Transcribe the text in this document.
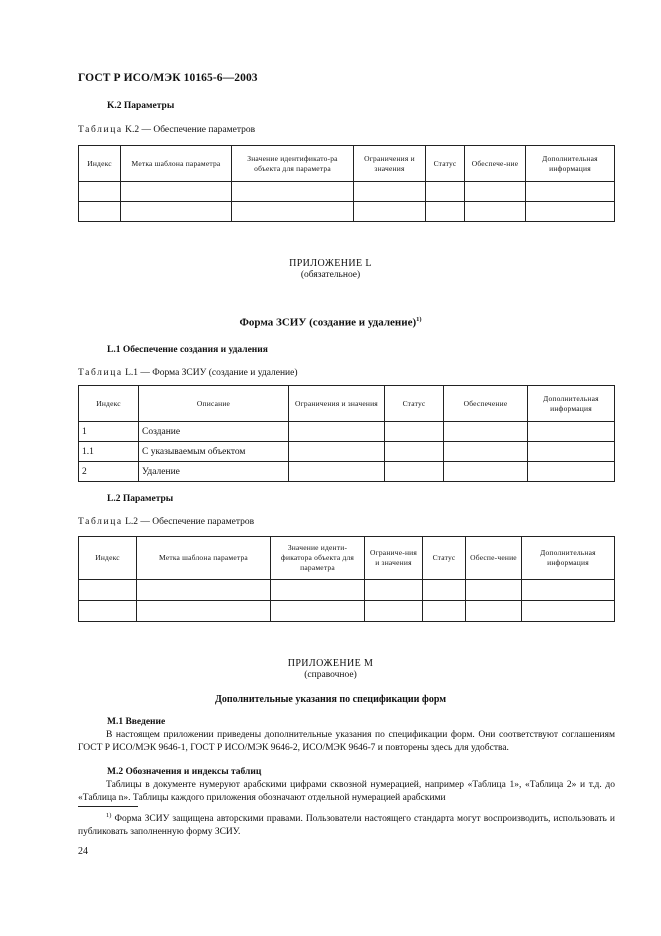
ГОСТ Р ИСО/МЭК 10165-6—2003
K.2 Параметры
Таблица K.2 — Обеспечение параметров
Индекс	Метка шаблона параметра	Значение идентификато-ра объекта для параметра	Ограничения и значения	Статус	Обеспече-ние	Дополнительная информация

ПРИЛОЖЕНИЕ L
(обязательное)
Форма ЗСИУ (создание и удаление)$^{1)}$
L.1 Обеспечение создания и удаления
Таблица L.1 — Форма ЗСИУ (создание и удаление)
Индекс	Описание	Ограничения и значения	Статус	Обеспечение	Дополнительная информация
1	Создание				
1.1	С указываемым объектом				
2	Удаление				
L.2 Параметры
Таблица L.2 — Обеспечение параметров
Индекс	Метка шаблона параметра	Значение иденти-фикатора объекта для параметра	Ограниче-ния и значения	Статус	Обеспе-чение	Дополнительная информация

ПРИЛОЖЕНИЕ М
(справочное)
Дополнительные указания по спецификации форм
М.1 Введение
В настоящем приложении приведены дополнительные указания по спецификации форм. Они соответствуют соглашениям ГОСТ Р ИСО/МЭК 9646-1, ГОСТ Р ИСО/МЭК 9646-2, ИСО/МЭК 9646-7 и повторены здесь для удобства.
М.2 Обозначения и индексы таблиц
Таблицы в документе нумеруют арабскими цифрами сквозной нумерацией, например «Таблица 1», «Таблица 2» и т.д. до «Таблица n». Таблицы каждого приложения обозначают отдельной нумерацией арабскими
$^{1)}$ Форма ЗСИУ защищена авторскими правами. Пользователи настоящего стандарта могут воспроизводить, использовать и публиковать заполненную форму ЗСИУ.
24
